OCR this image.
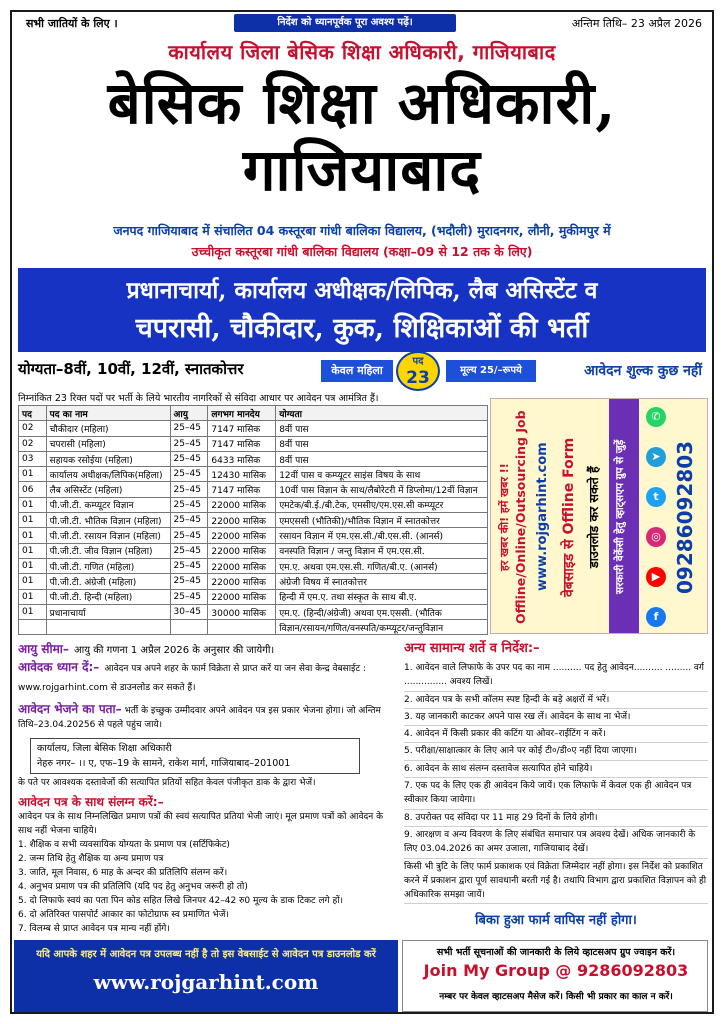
सभी जातियों के लिए ।	निर्देश को ध्यानपूर्वक पूरा अवश्य पढ़ें।	अन्तिम तिथि– 23 अप्रैल 2026
कार्यालय जिला बेसिक शिक्षा अधिकारी, गाजियाबाद
बेसिक शिक्षा अधिकारी, गाजियाबाद
जनपद गाजियाबाद में संचालित 04 कस्तूरबा गांधी बालिका विद्यालय, (भदौली) मुरादनगर, लौनी, मुकीमपुर में
उच्चीकृत कस्तूरबा गांधी बालिका विद्यालय (कक्षा–09 से 12 तक के लिए)
प्रधानाचार्या, कार्यालय अधीक्षक/लिपिक, लैब असिस्टेंट व
चपरासी, चौकीदार, कुक, शिक्षिकाओं की भर्ती
योग्यता–8वीं, 10वीं, 12वीं, स्नातकोत्तर	केवल महिला
पद
23	मूल्य 25/–रूपये	आवेदन शुल्क कुछ नहीं
निम्नांकित 23 रिक्त पदों पर भर्ती के लिये भारतीय नागरिकों से संविदा आधार पर आवेदन पत्र आमंत्रित हैं।
पद	पद का नाम	आयु	लगभग मानदेय	योग्यता
02	चौकीदार (महिला)	25–45	7147 मासिक	8वीं पास
02	चपरासी (महिला)	25–45	7147 मासिक	8वीं पास
03	सहायक रसोईया (महिला)	25–45	6433 मासिक	8वीं पास
01	कार्यालय अधीक्षक/लिपिक(महिला)	25–45	12430 मासिक	12वीं पास व कम्प्यूटर साइंस विषय के साथ
06	लैब असिस्टेंट (महिला)	25–45	7147 मासिक	10वीं पास विज्ञान के साथ/लैबोरेटरी में डिप्लोमा/12वीं विज्ञान
01	पी.जी.टी. कम्प्यूटर विज्ञान	25–45	22000 मासिक	एमटेक/बी.ई./बी.टेक, एमसीए/एम.एस.सी कम्प्यूटर
01	पी.जी.टी. भौतिक विज्ञान (महिला)	25–45	22000 मासिक	एमएससी (भौतिकी)/भौतिक विज्ञान में स्नातकोत्तर
01	पी.जी.टी. रसायन विज्ञान (महिला)	25–45	22000 मासिक	रसायन विज्ञान में एम.एस.सी./बी.एस.सी. (आनर्स)
01	पी.जी.टी. जीव विज्ञान (महिला)	25–45	22000 मासिक	वनस्पति विज्ञान / जन्तु विज्ञान में एम.एस.सी.
01	पी.जी.टी. गणित (महिला)	25–45	22000 मासिक	एम.ए. अथवा एम.एस.सी. गणित/बी.ए. (आनर्स)
01	पी.जी.टी. अंग्रेजी (महिला)	25–45	22000 मासिक	अंग्रेजी विषय में स्नातकोत्तर
01	पी.जी.टी. हिन्दी (महिला)	25–45	22000 मासिक	हिन्दी में एम.ए. तथा संस्कृत के साथ बी.ए.
01	प्रधानाचार्या	30–45	30000 मासिक	एम.ए. (हिन्दी/अंग्रेजी) अथवा एम.एससी. (भौतिक
				विज्ञान/रसायन/गणित/वनस्पति/कम्प्यूटर/जन्तुविज्ञान
हर खबर की! हमें खबर !! Offline/Online/Outsourcing Job www.rojgarhint.com वेबसाइड से Offline Form डाउनलोड कर सकते हैं	सरकारी वेकेंसी हेतु व्हाट्सएप ग्रुप से जुड़ें
✆
➤
t
◎
▶
f
09286092803
आयु सीमा– आयु की गणना 1 अप्रैल 2026 के अनुसार की जायेगी।
आवेदक ध्यान दें:– आवेदन पत्र अपने शहर के फार्म विक्रेता से प्राप्त करें या जन सेवा केन्द्र वेबसाईट : www.rojgarhint.com से डाउनलोड कर सकते हैं।
आवेदन भेजने का पता– भर्ती के इच्छुक उम्मीदवार अपने आवेदन पत्र इस प्रकार भेजना होगा। जो अन्तिम तिथि–23.04.20256 से पहले पहुंच जाये।
कार्यालय, जिला बेसिक शिक्षा अधिकारी
नेहरु नगर– ।। ए, एफ–19 के सामने, राकेश मार्ग, गाजियाबाद–201001
के पते पर आवश्यक दस्तावेजों की सत्यापित प्रतियों सहित केवल पंजीकृत डाक के द्वारा भेजें।
आवेदन पत्र के साथ संलग्न करें:–
आवेदन पत्र के साथ निम्नलिखित प्रमाण पत्रों की स्वयं सत्यापित प्रतियां भेजी जाएं। मूल प्रमाण पत्रों को आवेदन के साथ नहीं भेजना चाहिये।
1. शैक्षिक व सभी व्यवसायिक योग्यता के प्रमाण पत्र (सर्टिफिकेट)
2. जन्म तिथि हेतु शैक्षिक या अन्य प्रमाण पत्र
3. जाति, मूल निवास, 6 माह के अन्दर की प्रतिलिपि संलग्न करें।
4. अनुभव प्रमाण पत्र की प्रतिलिपि (यदि पद हेतु अनुभव जरूरी हो तो)
5. दो लिफाफे स्वयं का पता पिन कोड सहित लिखे जिनपर 42–42 रु0 मूल्य के डाक टिकट लगे हों।
6. दो अतिरिक्त पासपोर्ट आकार का फोटोग्राफ स्व प्रमाणित भेजें।
7. विलम्ब से प्राप्त आवेदन पत्र मान्य नहीं होंगे।
अन्य सामान्य शर्ते व निर्देश:–
1. आवेदन वाले लिफाफे के उपर पद का नाम .......... पद हेतु आवेदन.......... ......... वर्ग ............... अवश्य लिखें।
2. आवेदन पत्र के सभी कॉलम स्पष्ट हिन्दी के बड़े अक्षरों में भरें।
3. यह जानकारी काटकर अपने पास रख लें। आवेदन के साथ ना भेजें।
4. आवेदन में किसी प्रकार की कटिंग या ओवर–राईटिंग न करें।
5. परीक्षा/साक्षात्कार के लिए आने पर कोई टी०/डी०ए नहीं दिया जाएगा।
6. आवेदन के साथ संलग्न दस्तावेज सत्यापित होने चाहिये।
7. एक पद के लिए एक ही आवेदन किये जायें। एक लिफाफे में केवल एक ही आवेदन पत्र स्वीकार किया जायेगा।
8. उपरोक्त पद संविदा पर 11 माह 29 दिनों के लिये होगी।
9. आरक्षण व अन्य विवरण के लिए संबंधित समाचार पत्र अवश्य देखें। अधिक जानकारी के लिए 03.04.2026 का अमर उजाला, गाजियाबाद देखें।
किसी भी त्रुटि के लिए फार्म प्रकाशक एवं विक्रेता जिम्मेदार नहीं होगा। इस निर्देश को प्रकाशित करने में प्रकाशन द्वारा पूर्ण सावधानी बरती गई है। तथापि विभाग द्वारा प्रकाशित विज्ञापन को ही अधिकारिक समझा जायें।
बिका हुआ फार्म वापिस नहीं होगा।
यदि आपके शहर में आवेदन पत्र उपलब्ध नहीं है तो इस वेबसाईट से आवेदन पत्र डाउनलोड करें
www.rojgarhint.com
सभी भर्ती सूचनाओं की जानकारी के लिये व्हाटसअप ग्रुप ज्वाइन करें।
Join My Group @ 9286092803
नम्बर पर केवल व्हाटसअप मैसेज करें। किसी भी प्रकार का काल न करें।
